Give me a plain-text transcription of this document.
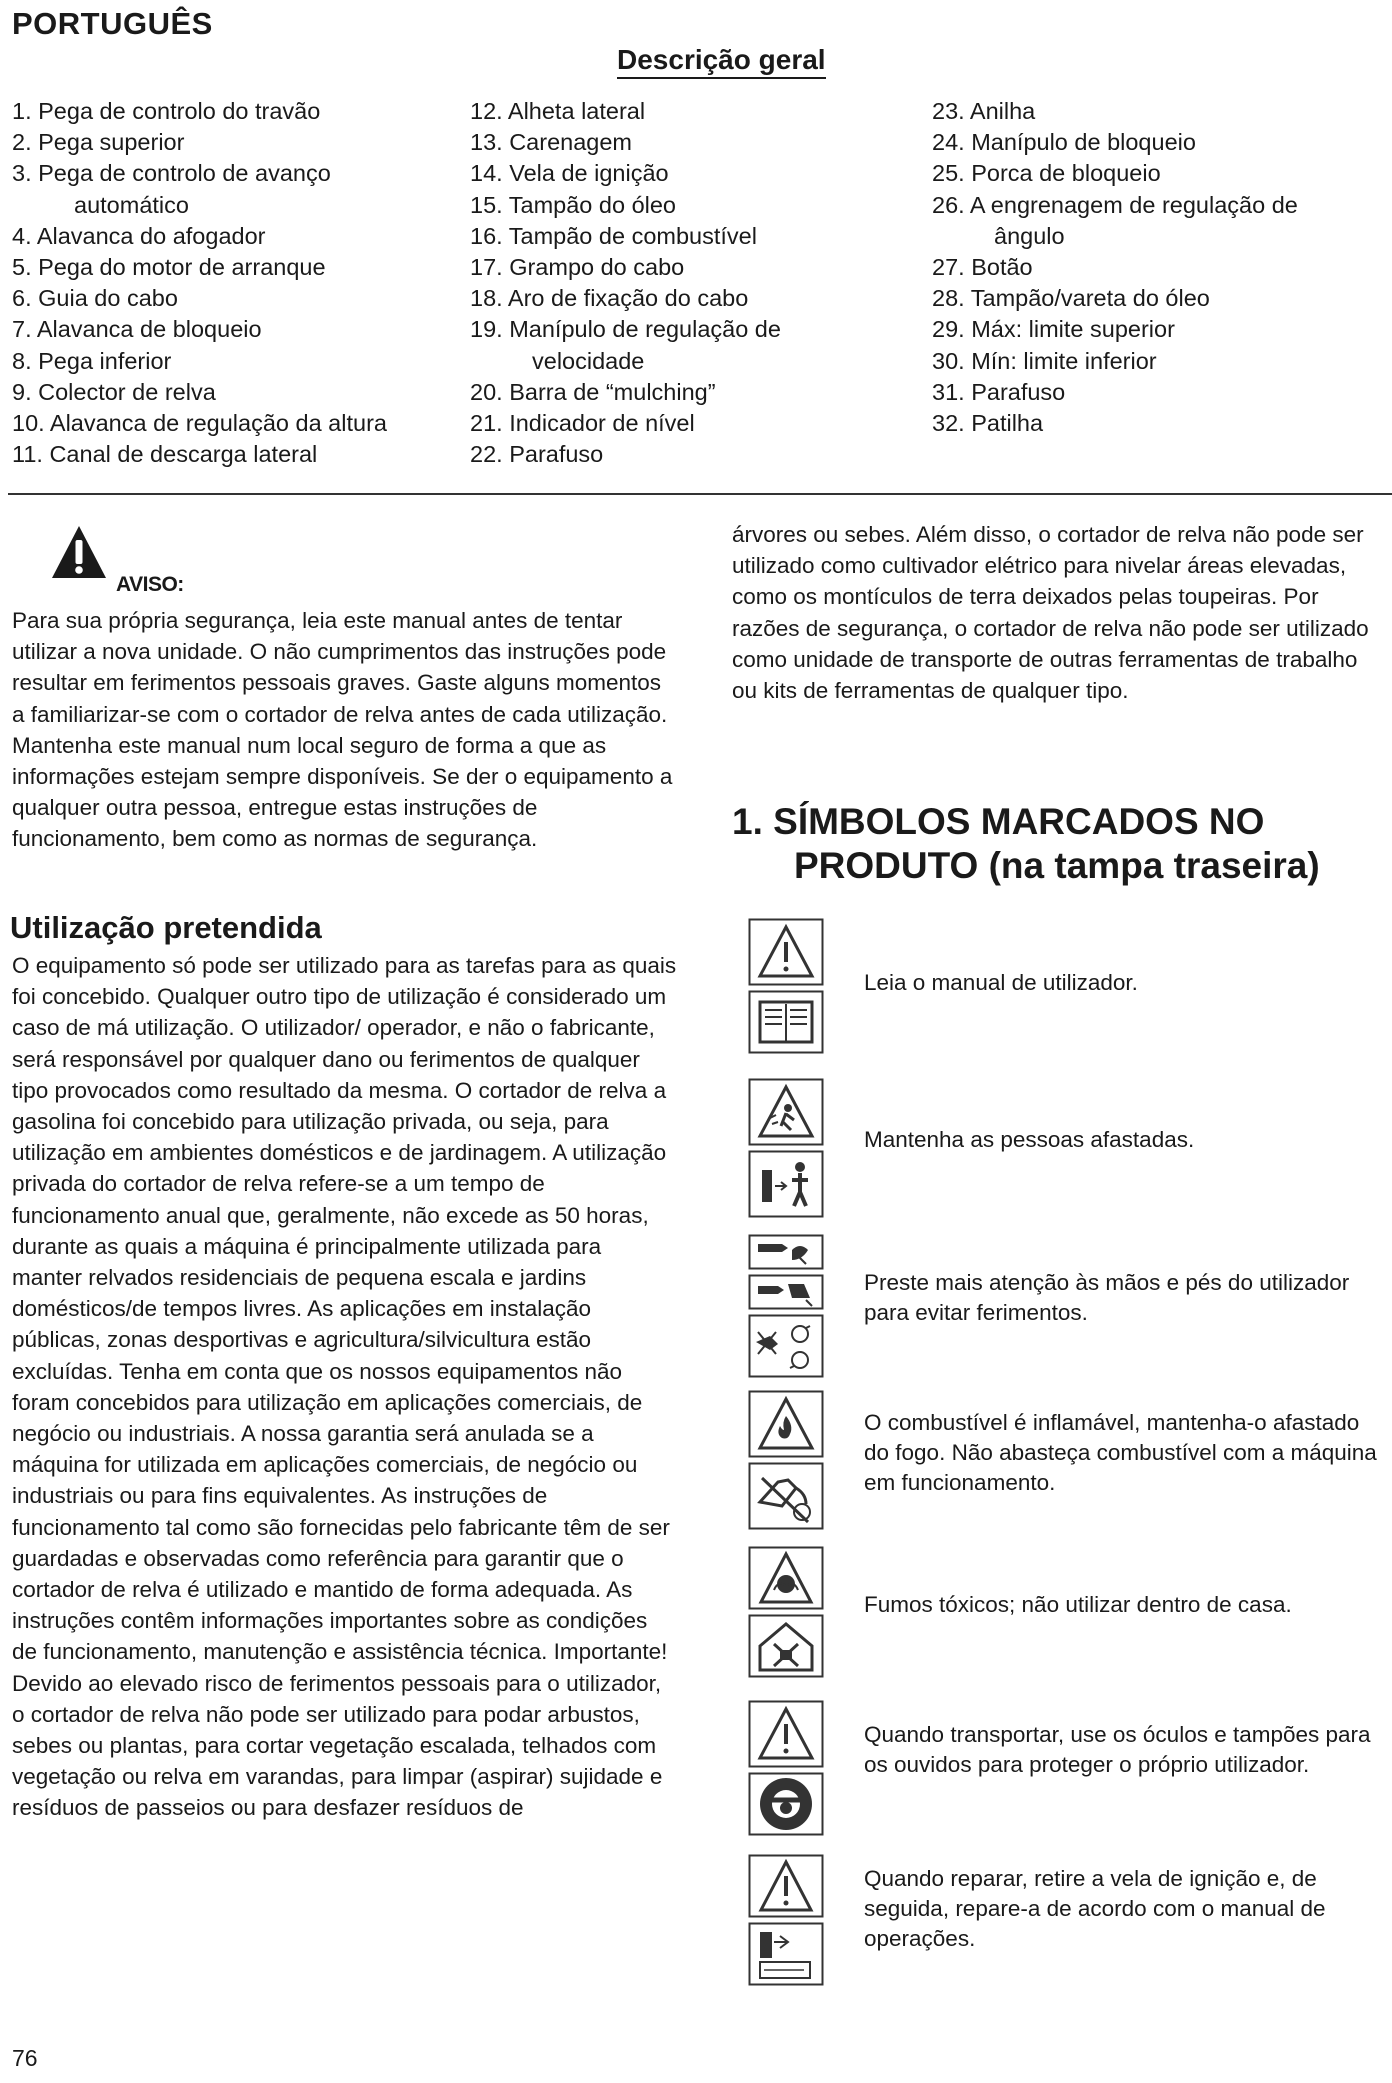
PORTUGUÊS
Descrição geral
1. Pega de controlo do travão
2. Pega superior
3. Pega de controlo de avanço
automático
4. Alavanca do afogador
5. Pega do motor de arranque
6. Guia do cabo
7. Alavanca de bloqueio
8. Pega inferior
9. Colector de relva
10. Alavanca de regulação da altura
11. Canal de descarga lateral
12. Alheta lateral
13. Carenagem
14. Vela de ignição
15. Tampão do óleo
16. Tampão de combustível
17. Grampo do cabo
18. Aro de fixação do cabo
19. Manípulo de regulação de
velocidade
20. Barra de “mulching”
21. Indicador de nível
22. Parafuso
23. Anilha
24. Manípulo de bloqueio
25. Porca de bloqueio
26. A engrenagem de regulação de
ângulo
27. Botão
28. Tampão/vareta do óleo
29. Máx: limite superior
30. Mín: limite inferior
31. Parafuso
32. Patilha
AVISO:

Para sua própria segurança, leia este manual antes de tentar utilizar a nova unidade. O não cumprimentos das instruções pode resultar em ferimentos pessoais graves. Gaste alguns momentos a familiarizar-se com o cortador de relva antes de cada utilização. Mantenha este manual num local seguro de forma a que as informações estejam sempre disponíveis. Se der o equipamento a qualquer outra pessoa, entregue estas instruções de funcionamento, bem como as normas de segurança.

Utilização pretendida

O equipamento só pode ser utilizado para as tarefas para as quais foi concebido. Qualquer outro tipo de utilização é considerado um caso de má utilização. O utilizador/ operador, e não o fabricante, será responsável por qualquer dano ou ferimentos de qualquer tipo provocados como resultado da mesma. O cortador de relva a gasolina foi concebido para utilização privada, ou seja, para utilização em ambientes domésticos e de jardinagem. A utilização privada do cortador de relva refere-se a um tempo de funcionamento anual que, geralmente, não excede as 50 horas, durante as quais a máquina é principalmente utilizada para manter relvados residenciais de pequena escala e jardins domésticos/de tempos livres. As aplicações em instalação públicas, zonas desportivas e agricultura/silvicultura estão excluídas. Tenha em conta que os nossos equipamentos não foram concebidos para utilização em aplicações comerciais, de negócio ou industriais. A nossa garantia será anulada se a máquina for utilizada em aplicações comerciais, de negócio ou industriais ou para fins equivalentes. As instruções de funcionamento tal como são fornecidas pelo fabricante têm de ser guardadas e observadas como referência para garantir que o cortador de relva é utilizado e mantido de forma adequada. As instruções contêm informações importantes sobre as condições de funcionamento, manutenção e assistência técnica. Importante! Devido ao elevado risco de ferimentos pessoais para o utilizador, o cortador de relva não pode ser utilizado para podar arbustos, sebes ou plantas, para cortar vegetação escalada, telhados com vegetação ou relva em varandas, para limpar (aspirar) sujidade e resíduos de passeios ou para desfazer resíduos de

árvores ou sebes. Além disso, o cortador de relva não pode ser utilizado como cultivador elétrico para nivelar áreas elevadas, como os montículos de terra deixados pelas toupeiras. Por razões de segurança, o cortador de relva não pode ser utilizado como unidade de transporte de outras ferramentas de trabalho ou kits de ferramentas de qualquer tipo.

1. SÍMBOLOS MARCADOS NO
PRODUTO (na tampa traseira)
Leia o manual de utilizador.
Mantenha as pessoas afastadas.
Preste mais atenção às mãos e pés do utilizador para evitar ferimentos.
O combustível é inflamável, mantenha-o afastado do fogo. Não abasteça combustível com a máquina em funcionamento.
Fumos tóxicos; não utilizar dentro de casa.
Quando transportar, use os óculos e tampões para os ouvidos para proteger o próprio utilizador.
Quando reparar, retire a vela de ignição e, de seguida, repare-a de acordo com o manual de operações.
76
